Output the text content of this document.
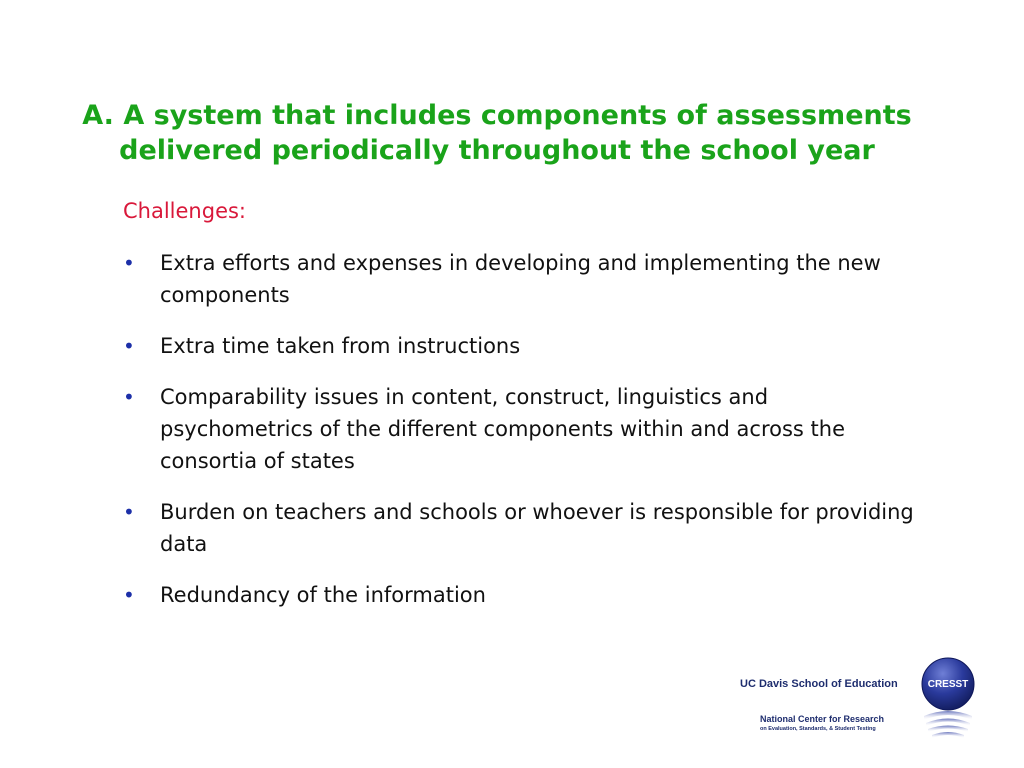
A. A system that includes components of assessments
delivered periodically throughout the school year

Challenges:

• Extra efforts and expenses in developing and implementing the new components
• Extra time taken from instructions
• Comparability issues in content, construct, linguistics and psychometrics of the different components within and across the consortia of states
• Burden on teachers and schools or whoever is responsible for providing data
• Redundancy of the information
UC Davis School of Education
National Center for Research
on Evaluation, Standards, & Student Testing
CRESST
